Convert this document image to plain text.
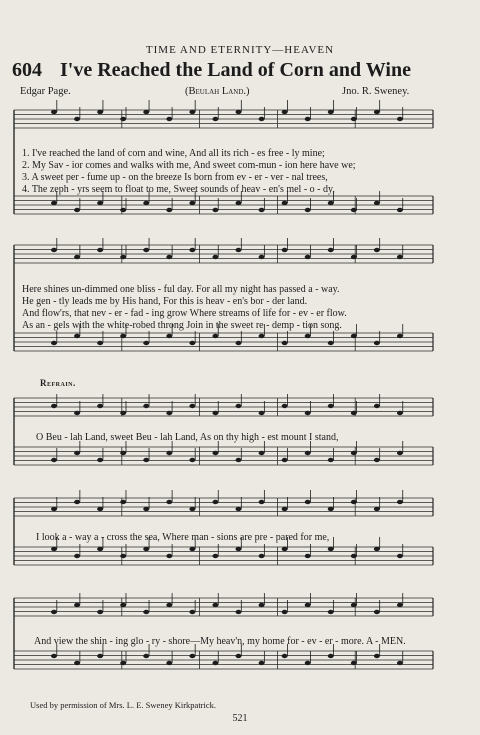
TIME AND ETERNITY—HEAVEN
604 I've Reached the Land of Corn and Wine
Edgar Page.	(Beulah Land.)	Jno. R. Sweney.
1. I've reached the land of corn and wine, And all its rich - es free - ly mine;
2. My Sav - ior comes and walks with me, And sweet com-mun - ion here have we;
3. A sweet per - fume up - on the breeze Is born from ev - er - ver - nal trees,
4. The zeph - yrs seem to float to me, Sweet sounds of heav - en's mel - o - dy,
Here shines un-dimmed one bliss - ful day. For all my night has passed a - way.
He gen - tly leads me by His hand, For this is heav - en's bor - der land.
And flow'rs, that nev - er - fad - ing grow Where streams of life for - ev - er flow.
As an - gels with the white-robed throng Join in the sweet re - demp - tion song.
Refrain.
O Beu - lah Land, sweet Beu - lah Land, As on thy high - est mount I stand,
I look a - way a - cross the sea, Where man - sions are pre - pared for me,
And view the shin - ing glo - ry - shore—My heav'n, my home for - ev - er - more. A - MEN.
Used by permission of Mrs. L. E. Sweney Kirkpatrick.
521
